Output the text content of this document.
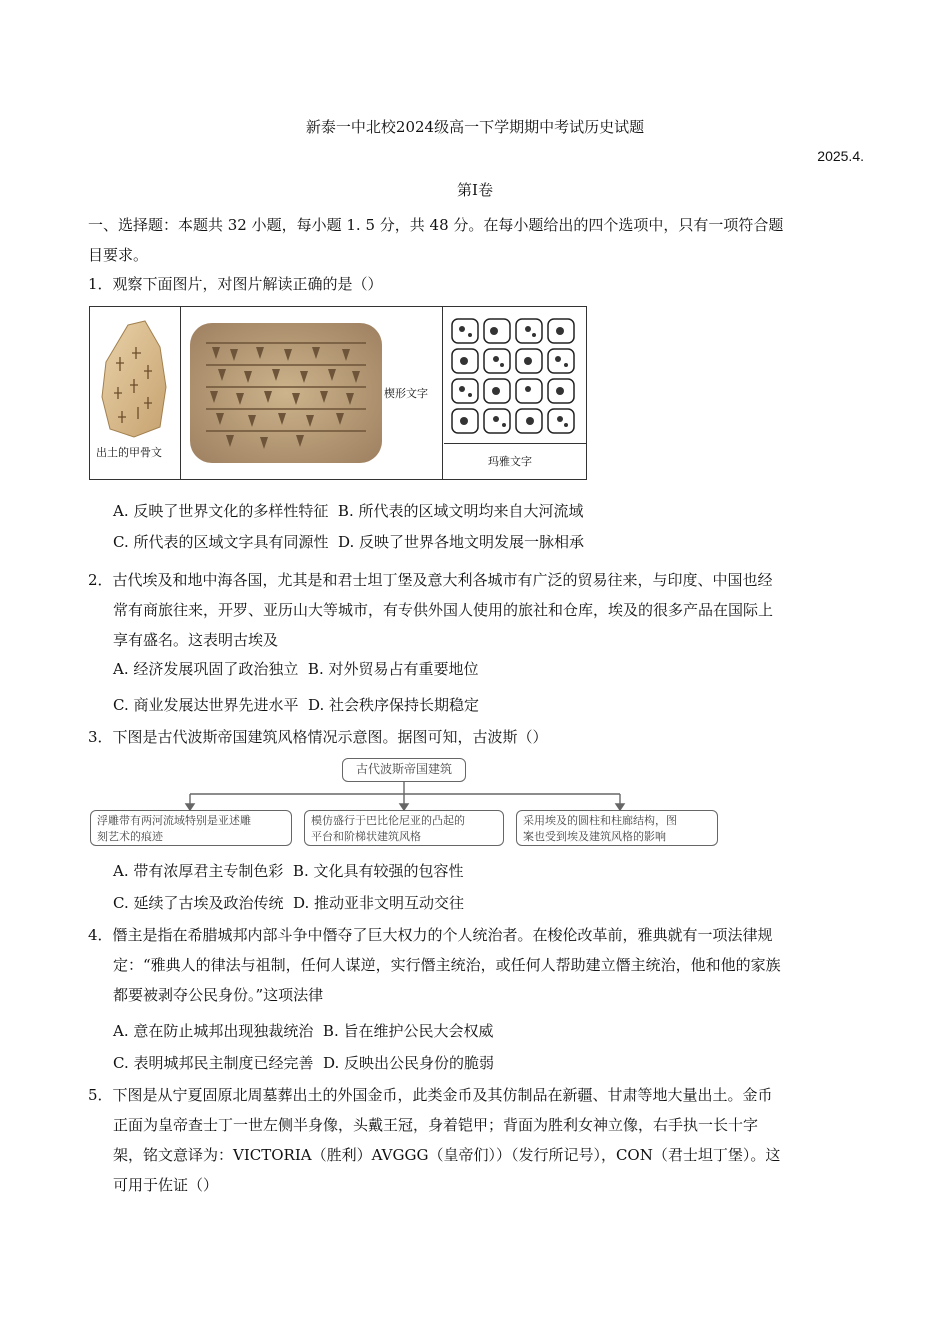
新泰一中北校2024级高一下学期期中考试历史试题
2025.4.
第Ⅰ卷
一、选择题：本题共 32 小题，每小题 1. 5 分，共 48 分。在每小题给出的四个选项中，只有一项符合题
目要求。
1．观察下面图片，对图片解读正确的是（）
出土的甲骨文
楔形文字
玛雅文字
A. 反映了世界文化的多样性特征 B. 所代表的区域文明均来自大河流域
C. 所代表的区域文字具有同源性 D. 反映了世界各地文明发展一脉相承
2．古代埃及和地中海各国，尤其是和君士坦丁堡及意大利各城市有广泛的贸易往来，与印度、中国也经
常有商旅往来，开罗、亚历山大等城市，有专供外国人使用的旅社和仓库，埃及的很多产品在国际上
享有盛名。这表明古埃及
A. 经济发展巩固了政治独立 B. 对外贸易占有重要地位
C. 商业发展达世界先进水平 D. 社会秩序保持长期稳定
3．下图是古代波斯帝国建筑风格情况示意图。据图可知，古波斯（）
古代波斯帝国建筑
浮雕带有两河流域特别是亚述雕
刻艺术的痕迹
模仿盛行于巴比伦尼亚的凸起的
平台和阶梯状建筑风格
采用埃及的圆柱和柱廊结构，图
案也受到埃及建筑风格的影响
A. 带有浓厚君主专制色彩 B. 文化具有较强的包容性
C. 延续了古埃及政治传统 D. 推动亚非文明互动交往
4．僭主是指在希腊城邦内部斗争中僭夺了巨大权力的个人统治者。在梭伦改革前，雅典就有一项法律规
定：“雅典人的律法与祖制，任何人谋逆，实行僭主统治，或任何人帮助建立僭主统治，他和他的家族
都要被剥夺公民身份。”这项法律
A. 意在防止城邦出现独裁统治 B. 旨在维护公民大会权威
C. 表明城邦民主制度已经完善 D. 反映出公民身份的脆弱
5．下图是从宁夏固原北周墓葬出土的外国金币，此类金币及其仿制品在新疆、甘肃等地大量出土。金币
正面为皇帝查士丁一世左侧半身像，头戴王冠，身着铠甲；背面为胜利女神立像，右手执一长十字
架，铭文意译为：VICTORIA（胜利）AVGGG（皇帝们））（发行所记号），CON（君士坦丁堡）。这
可用于佐证（）
